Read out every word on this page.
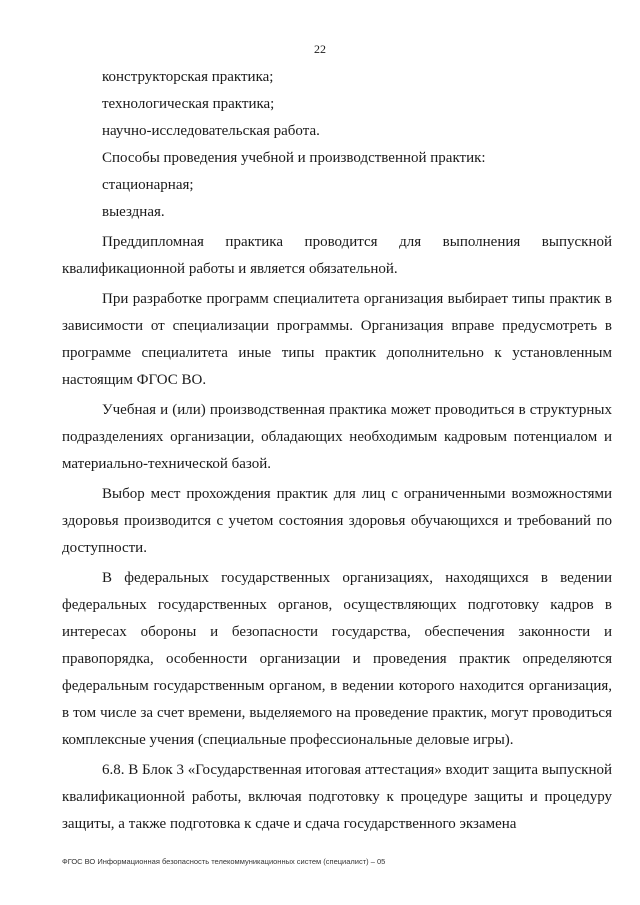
22

конструкторская практика;

технологическая практика;

научно-исследовательская работа.

Способы проведения учебной и производственной практик:

стационарная;

выездная.

Преддипломная практика проводится для выполнения выпускной квалификационной работы и является обязательной.

При разработке программ специалитета организация выбирает типы практик в зависимости от специализации программы. Организация вправе предусмотреть в программе специалитета иные типы практик дополнительно к установленным настоящим ФГОС ВО.

Учебная и (или) производственная практика может проводиться в структурных подразделениях организации, обладающих необходимым кадровым потенциалом и материально-технической базой.

Выбор мест прохождения практик для лиц с ограниченными возможностями здоровья производится с учетом состояния здоровья обучающихся и требований по доступности.

В федеральных государственных организациях, находящихся в ведении федеральных государственных органов, осуществляющих подготовку кадров в интересах обороны и безопасности государства, обеспечения законности и правопорядка, особенности организации и проведения практик определяются федеральным государственным органом, в ведении которого находится организация, в том числе за счет времени, выделяемого на проведение практик, могут проводиться комплексные учения (специальные профессиональные деловые игры).

6.8. В Блок 3 «Государственная итоговая аттестация» входит защита выпускной квалификационной работы, включая подготовку к процедуре защиты и процедуру защиты, а также подготовка к сдаче и сдача государственного экзамена

ФГОС ВО Информационная безопасность телекоммуникационных систем (специалист) – 05
